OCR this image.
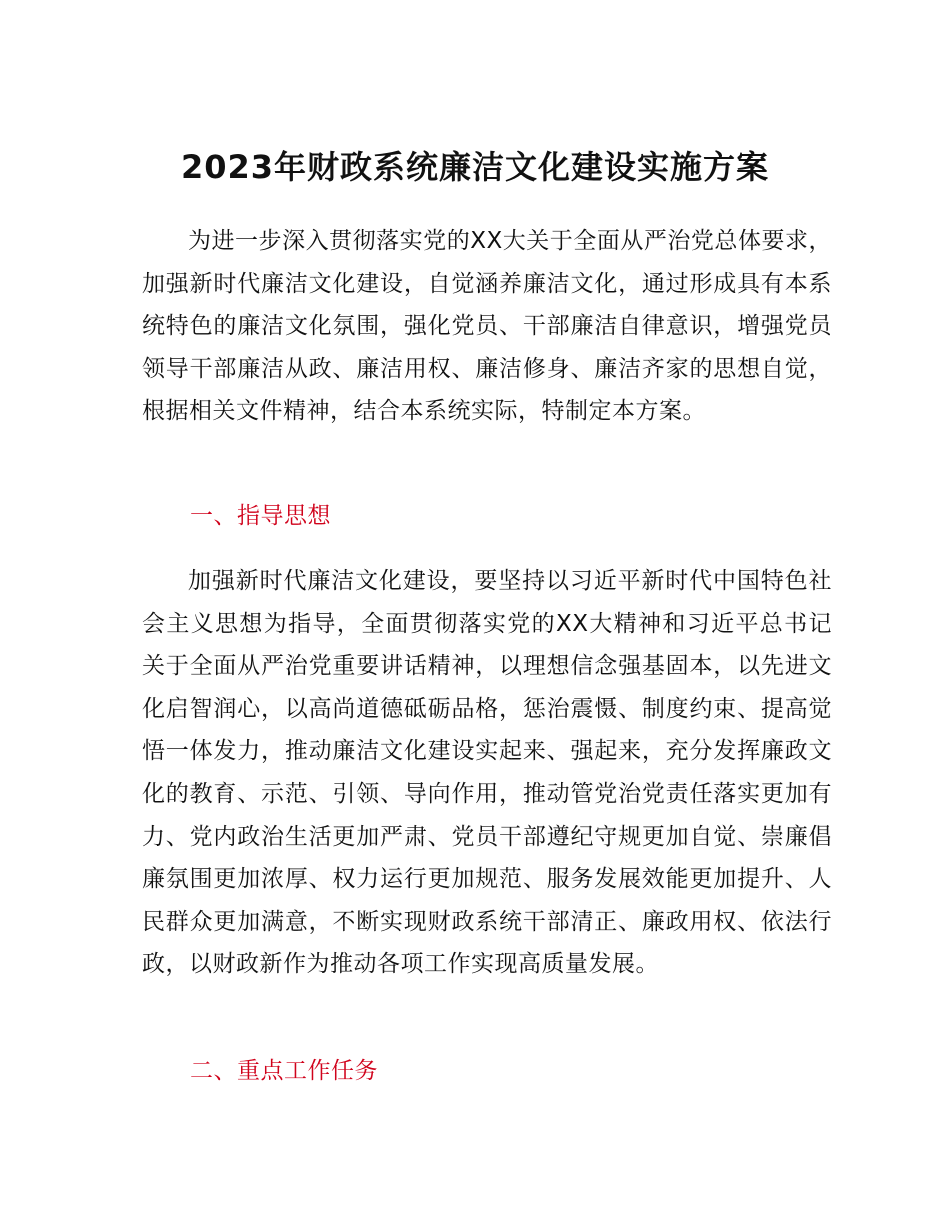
2023年财政系统廉洁文化建设实施方案
为进一步深入贯彻落实党的XX大关于全面从严治党总体要求，加强新时代廉洁文化建设，自觉涵养廉洁文化，通过形成具有本系统特色的廉洁文化氛围，强化党员、干部廉洁自律意识，增强党员领导干部廉洁从政、廉洁用权、廉洁修身、廉洁齐家的思想自觉，根据相关文件精神，结合本系统实际，特制定本方案。
一、指导思想
加强新时代廉洁文化建设，要坚持以习近平新时代中国特色社会主义思想为指导，全面贯彻落实党的XX大精神和习近平总书记关于全面从严治党重要讲话精神，以理想信念强基固本，以先进文化启智润心，以高尚道德砥砺品格，惩治震慑、制度约束、提高觉悟一体发力，推动廉洁文化建设实起来、强起来，充分发挥廉政文化的教育、示范、引领、导向作用，推动管党治党责任落实更加有力、党内政治生活更加严肃、党员干部遵纪守规更加自觉、崇廉倡廉氛围更加浓厚、权力运行更加规范、服务发展效能更加提升、人民群众更加满意，不断实现财政系统干部清正、廉政用权、依法行政，以财政新作为推动各项工作实现高质量发展。
二、重点工作任务
